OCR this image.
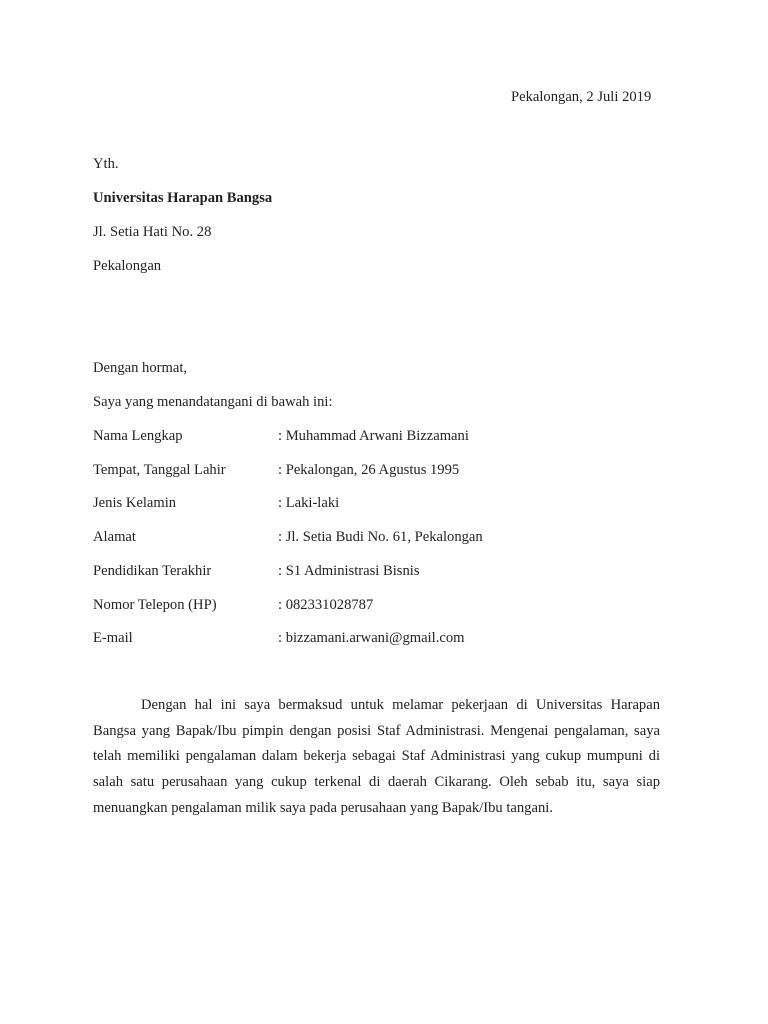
Pekalongan, 2 Juli 2019
Yth.
Universitas Harapan Bangsa
Jl. Setia Hati No. 28
Pekalongan
Dengan hormat,
Saya yang menandatangani di bawah ini:
Nama Lengkap	: Muhammad Arwani Bizzamani
Tempat, Tanggal Lahir	: Pekalongan, 26 Agustus 1995
Jenis Kelamin	: Laki-laki
Alamat	: Jl. Setia Budi No. 61, Pekalongan
Pendidikan Terakhir	: S1 Administrasi Bisnis
Nomor Telepon (HP)	: 082331028787
E-mail	: bizzamani.arwani@gmail.com
Dengan hal ini saya bermaksud untuk melamar pekerjaan di Universitas Harapan
Bangsa yang Bapak/Ibu pimpin dengan posisi Staf Administrasi. Mengenai pengalaman, saya
telah memiliki pengalaman dalam bekerja sebagai Staf Administrasi yang cukup mumpuni di
salah satu perusahaan yang cukup terkenal di daerah Cikarang. Oleh sebab itu, saya siap
menuangkan pengalaman milik saya pada perusahaan yang Bapak/Ibu tangani.
